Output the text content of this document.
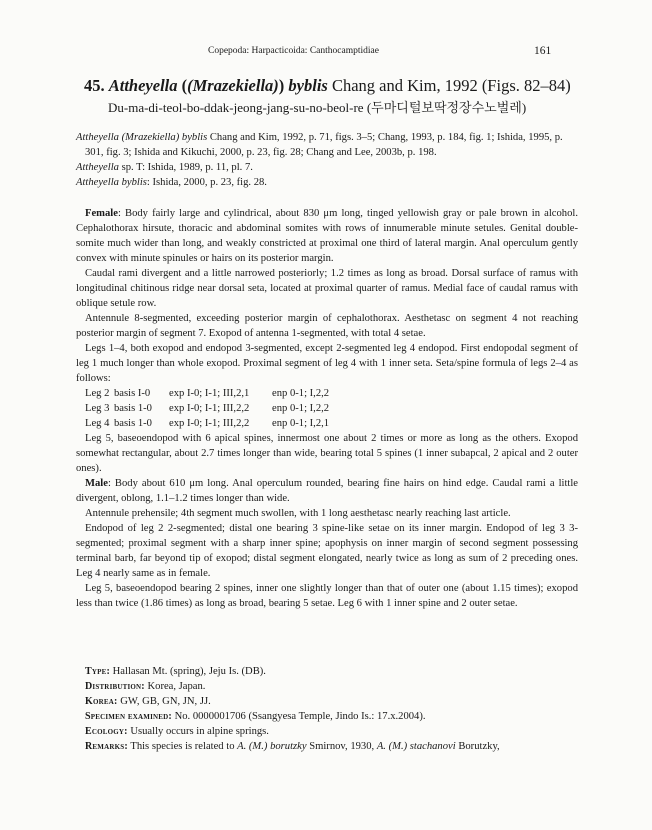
Copepoda: Harpacticoida: Canthocamptidiae	161
45. Attheyella ((Mrazekiella)) byblis Chang and Kim, 1992 (Figs. 82–84)
Du-ma-di-teol-bo-ddak-jeong-jang-su-no-beol-re (두마디털보딱정장수노벌레)

Attheyella (Mrazekiella) byblis Chang and Kim, 1992, p. 71, figs. 3–5; Chang, 1993, p. 184, fig. 1; Ishida, 1995, p. 301, fig. 3; Ishida and Kikuchi, 2000, p. 23, fig. 28; Chang and Lee, 2003b, p. 198.

Attheyella sp. T: Ishida, 1989, p. 11, pl. 7.

Attheyella byblis: Ishida, 2000, p. 23, fig. 28.

Female: Body fairly large and cylindrical, about 830 μm long, tinged yellowish gray or pale brown in alcohol. Cephalothorax hirsute, thoracic and abdominal somites with rows of innumerable minute setules. Genital double-somite much wider than long, and weakly constricted at proximal one third of lateral margin. Anal operculum gently convex with minute spinules or hairs on its posterior margin.

Caudal rami divergent and a little narrowed posteriorly; 1.2 times as long as broad. Dorsal surface of ramus with longitudinal chitinous ridge near dorsal seta, located at proximal quarter of ramus. Medial face of caudal ramus with oblique setule row.

Antennule 8-segmented, exceeding posterior margin of cephalothorax. Aesthetasc on segment 4 not reaching posterior margin of segment 7. Exopod of antenna 1-segmented, with total 4 setae.

Legs 1–4, both exopod and endopod 3-segmented, except 2-segmented leg 4 endopod. First endopodal segment of leg 1 much longer than whole exopod. Proximal segment of leg 4 with 1 inner seta. Seta/spine formula of legs 2–4 as follows:

Leg 2 basis I-0	exp I-0; I-1; III,2,1	enp 0-1; I,2,2
Leg 3 basis 1-0	exp I-0; I-1; III,2,2	enp 0-1; I,2,2
Leg 4 basis 1-0	exp I-0; I-1; III,2,2	enp 0-1; I,2,1

Leg 5, baseoendopod with 6 apical spines, innermost one about 2 times or more as long as the others. Exopod somewhat rectangular, about 2.7 times longer than wide, bearing total 5 spines (1 inner subapcal, 2 apical and 2 outer ones).

Male: Body about 610 μm long. Anal operculum rounded, bearing fine hairs on hind edge. Caudal rami a little divergent, oblong, 1.1–1.2 times longer than wide.

Antennule prehensile; 4th segment much swollen, with 1 long aesthetasc nearly reaching last article.

Endopod of leg 2 2-segmented; distal one bearing 3 spine-like setae on its inner margin. Endopod of leg 3 3-segmented; proximal segment with a sharp inner spine; apophysis on inner margin of second segment possessing terminal barb, far beyond tip of exopod; distal segment elongated, nearly twice as long as sum of 2 preceding ones. Leg 4 nearly same as in female.

Leg 5, baseoendopod bearing 2 spines, inner one slightly longer than that of outer one (about 1.15 times); exopod less than twice (1.86 times) as long as broad, bearing 5 setae. Leg 6 with 1 inner spine and 2 outer setae.

Type: Hallasan Mt. (spring), Jeju Is. (DB).

Distribution: Korea, Japan.

Korea: GW, GB, GN, JN, JJ.

Specimen examined: No. 0000001706 (Ssangyesa Temple, Jindo Is.: 17.x.2004).

Ecology: Usually occurs in alpine springs.

Remarks: This species is related to A. (M.) borutzky Smirnov, 1930, A. (M.) stachanovi Borutzky,
